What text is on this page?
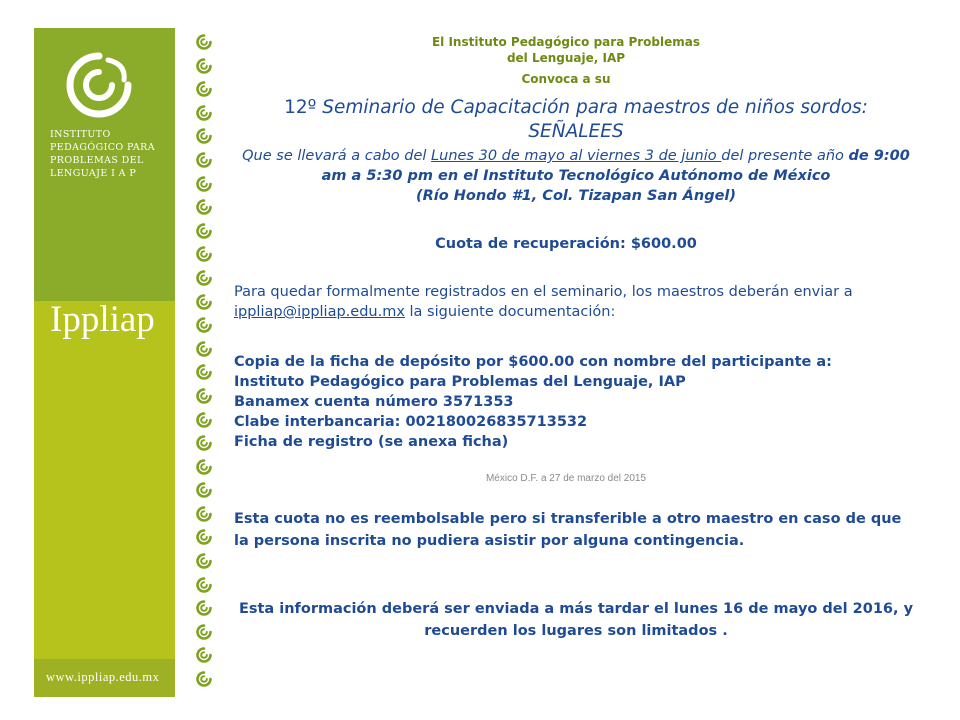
INSTITUTO
PEDAGÓGICO PARA
PROBLEMAS DEL
LENGUAJE I A P
Ippliap
www.ippliap.edu.mx
El Instituto Pedagógico para Problemas
del Lenguaje, IAP
Convoca a su
12º Seminario de Capacitación para maestros de niños sordos:
SEÑALEES
Que se llevará a cabo del Lunes 30 de mayo al viernes 3 de junio del presente año de 9:00
am a 5:30 pm en el Instituto Tecnológico Autónomo de México
(Río Hondo #1, Col. Tizapan San Ángel)
Cuota de recuperación: $600.00
Para quedar formalmente registrados en el seminario, los maestros deberán enviar a
ippliap@ippliap.edu.mx la siguiente documentación:
Copia de la ficha de depósito por $600.00 con nombre del participante a:
Instituto Pedagógico para Problemas del Lenguaje, IAP
Banamex cuenta número 3571353
Clabe interbancaria: 002180026835713532
Ficha de registro (se anexa ficha)
México D.F. a 27 de marzo del 2015
Esta cuota no es reembolsable pero si transferible a otro maestro en caso de que la persona inscrita no pudiera asistir por alguna contingencia.
Esta información deberá ser enviada a más tardar el lunes 16 de mayo del 2016, y
recuerden los lugares son limitados .
